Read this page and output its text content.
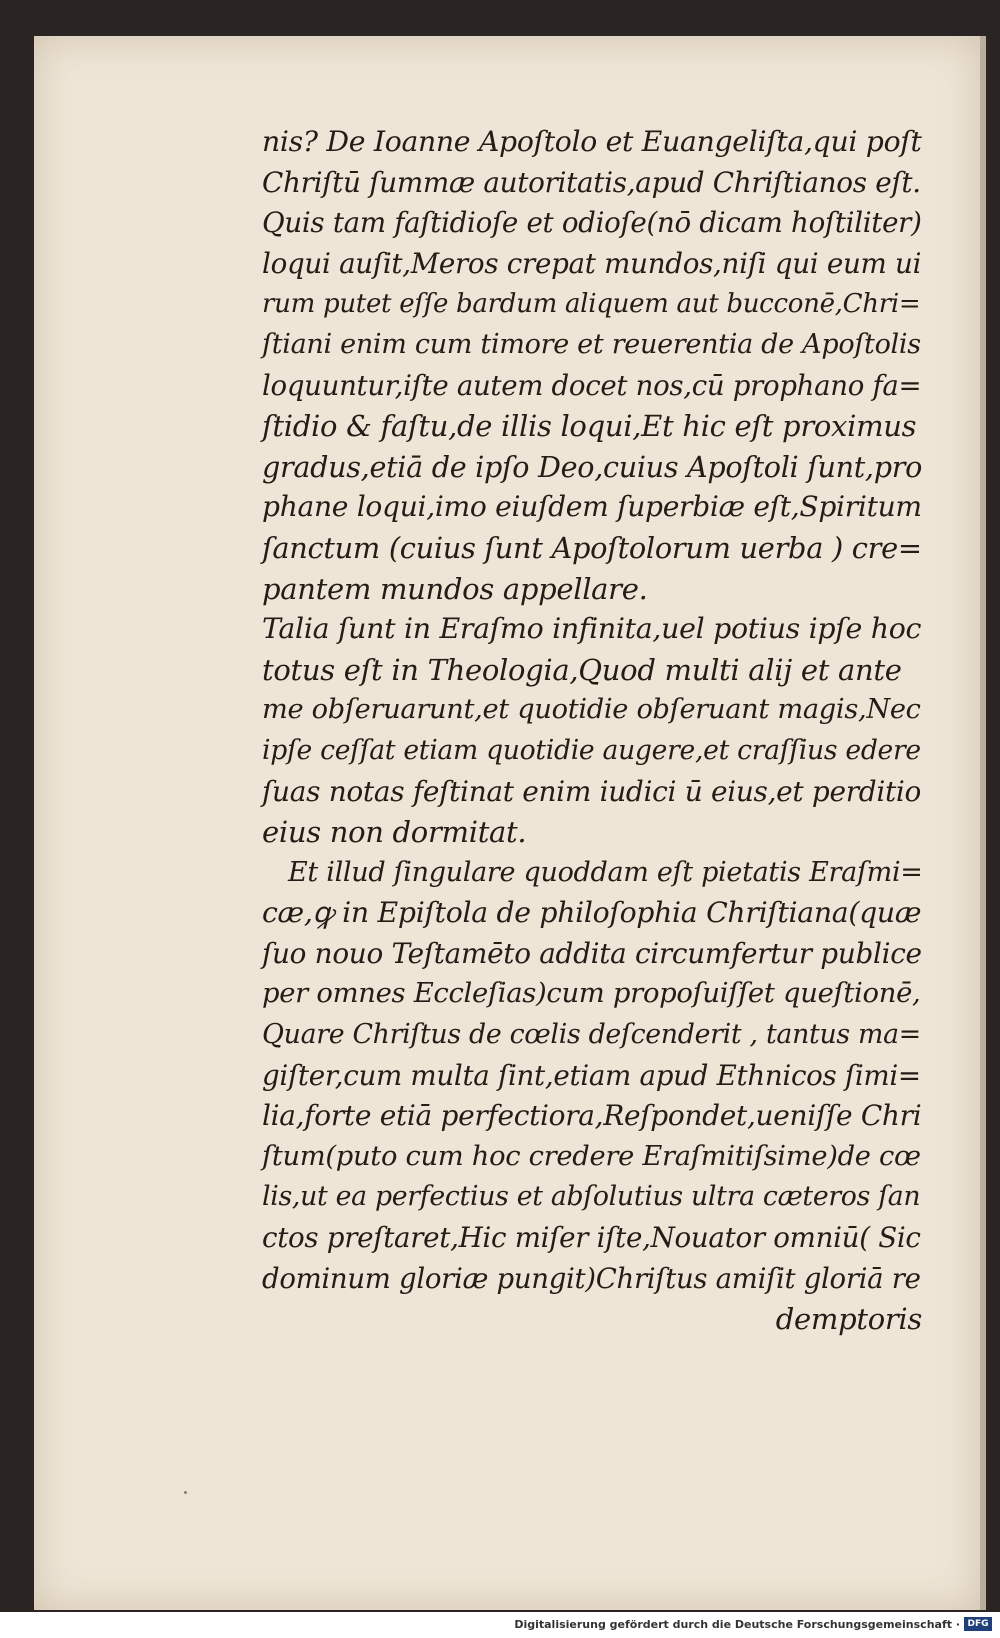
nis? De Ioanne Apoſtolo et Euangeliſta,qui poſt
Chriſtū ſummæ autoritatis,apud Chriſtianos eſt.
Quis tam faſtidioſe et odioſe(nō dicam hoſtiliter)
loqui auſit,Meros crepat mundos,niſi qui eum ui
rum putet eſſe bardum aliquem aut bucconē,Chri=
ſtiani enim cum timore et reuerentia de Apoſtolis
loquuntur,iſte autem docet nos,cū prophano fa=
ſtidio & faſtu,de illis loqui,Et hic eſt proximus
gradus,etiā de ipſo Deo,cuius Apoſtoli ſunt,pro
phane loqui,imo eiuſdem ſuperbiæ eſt,Spiritum
ſanctum (cuius ſunt Apoſtolorum uerba ) cre=
pantem mundos appellare.
Talia ſunt in Eraſmo infinita,uel potius ipſe hoc
totus eſt in Theologia,Quod multi alij et ante
me obſeruarunt,et quotidie obſeruant magis,Nec
ipſe ceſſat etiam quotidie augere,et craſſius edere
ſuas notas feſtinat enim iudici ū eius,et perditio
eius non dormitat.
Et illud ſingulare quoddam eſt pietatis Eraſmi=
cæ,ꝙ in Epiſtola de philoſophia Chriſtiana(quæ
ſuo nouo Teſtamēto addita circumfertur publice
per omnes Eccleſias)cum propoſuiſſet queſtionē,
Quare Chriſtus de cœlis deſcenderit , tantus ma=
giſter,cum multa ſint,etiam apud Ethnicos ſimi=
lia,forte etiā perfectiora,Reſpondet,ueniſſe Chri
ſtum(puto cum hoc credere Eraſmitiſsime)de cœ
lis,ut ea perfectius et abſolutius ultra cæteros ſan
ctos preſtaret,Hic miſer iſte,Nouator omniū( Sic
dominum gloriæ pungit)Chriſtus amiſit gloriā re
demptoris
Digitalisierung gefördert durch die Deutsche Forschungsgemeinschaft · DFG
